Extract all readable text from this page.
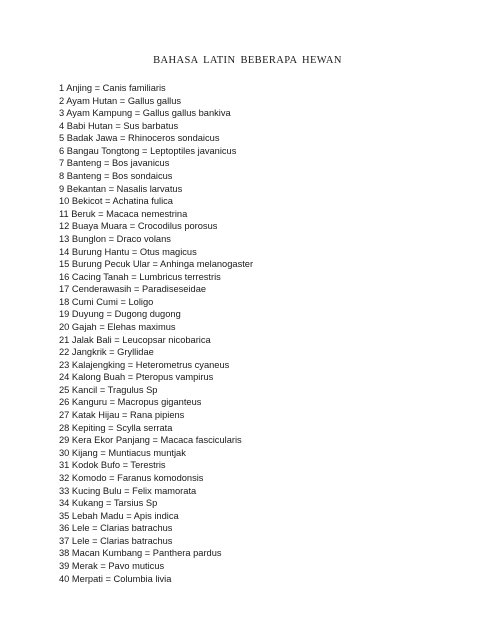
BAHASA LATIN BEBERAPA HEWAN
1 Anjing = Canis familiaris
2 Ayam Hutan = Gallus gallus
3 Ayam Kampung = Gallus gallus bankiva
4 Babi Hutan = Sus barbatus
5 Badak Jawa = Rhinoceros sondaicus
6 Bangau Tongtong = Leptoptiles javanicus
7 Banteng = Bos javanicus
8 Banteng = Bos sondaicus
9 Bekantan = Nasalis larvatus
10 Bekicot = Achatina fulica
11 Beruk = Macaca nemestrina
12 Buaya Muara = Crocodilus porosus
13 Bunglon = Draco volans
14 Burung Hantu = Otus magicus
15 Burung Pecuk Ular = Anhinga melanogaster
16 Cacing Tanah = Lumbricus terrestris
17 Cenderawasih = Paradiseseidae
18 Cumi Cumi = Loligo
19 Duyung = Dugong dugong
20 Gajah = Elehas maximus
21 Jalak Bali = Leucopsar nicobarica
22 Jangkrik = Gryllidae
23 Kalajengking = Heterometrus cyaneus
24 Kalong Buah = Pteropus vampirus
25 Kancil = Tragulus Sp
26 Kanguru = Macropus giganteus
27 Katak Hijau = Rana pipiens
28 Kepiting = Scylla serrata
29 Kera Ekor Panjang = Macaca fascicularis
30 Kijang = Muntiacus muntjak
31 Kodok Bufo = Terestris
32 Komodo = Faranus komodonsis
33 Kucing Bulu = Felix mamorata
34 Kukang = Tarsius Sp
35 Lebah Madu = Apis indica
36 Lele = Clarias batrachus
37 Lele = Clarias batrachus
38 Macan Kumbang = Panthera pardus
39 Merak = Pavo muticus
40 Merpati = Columbia livia
